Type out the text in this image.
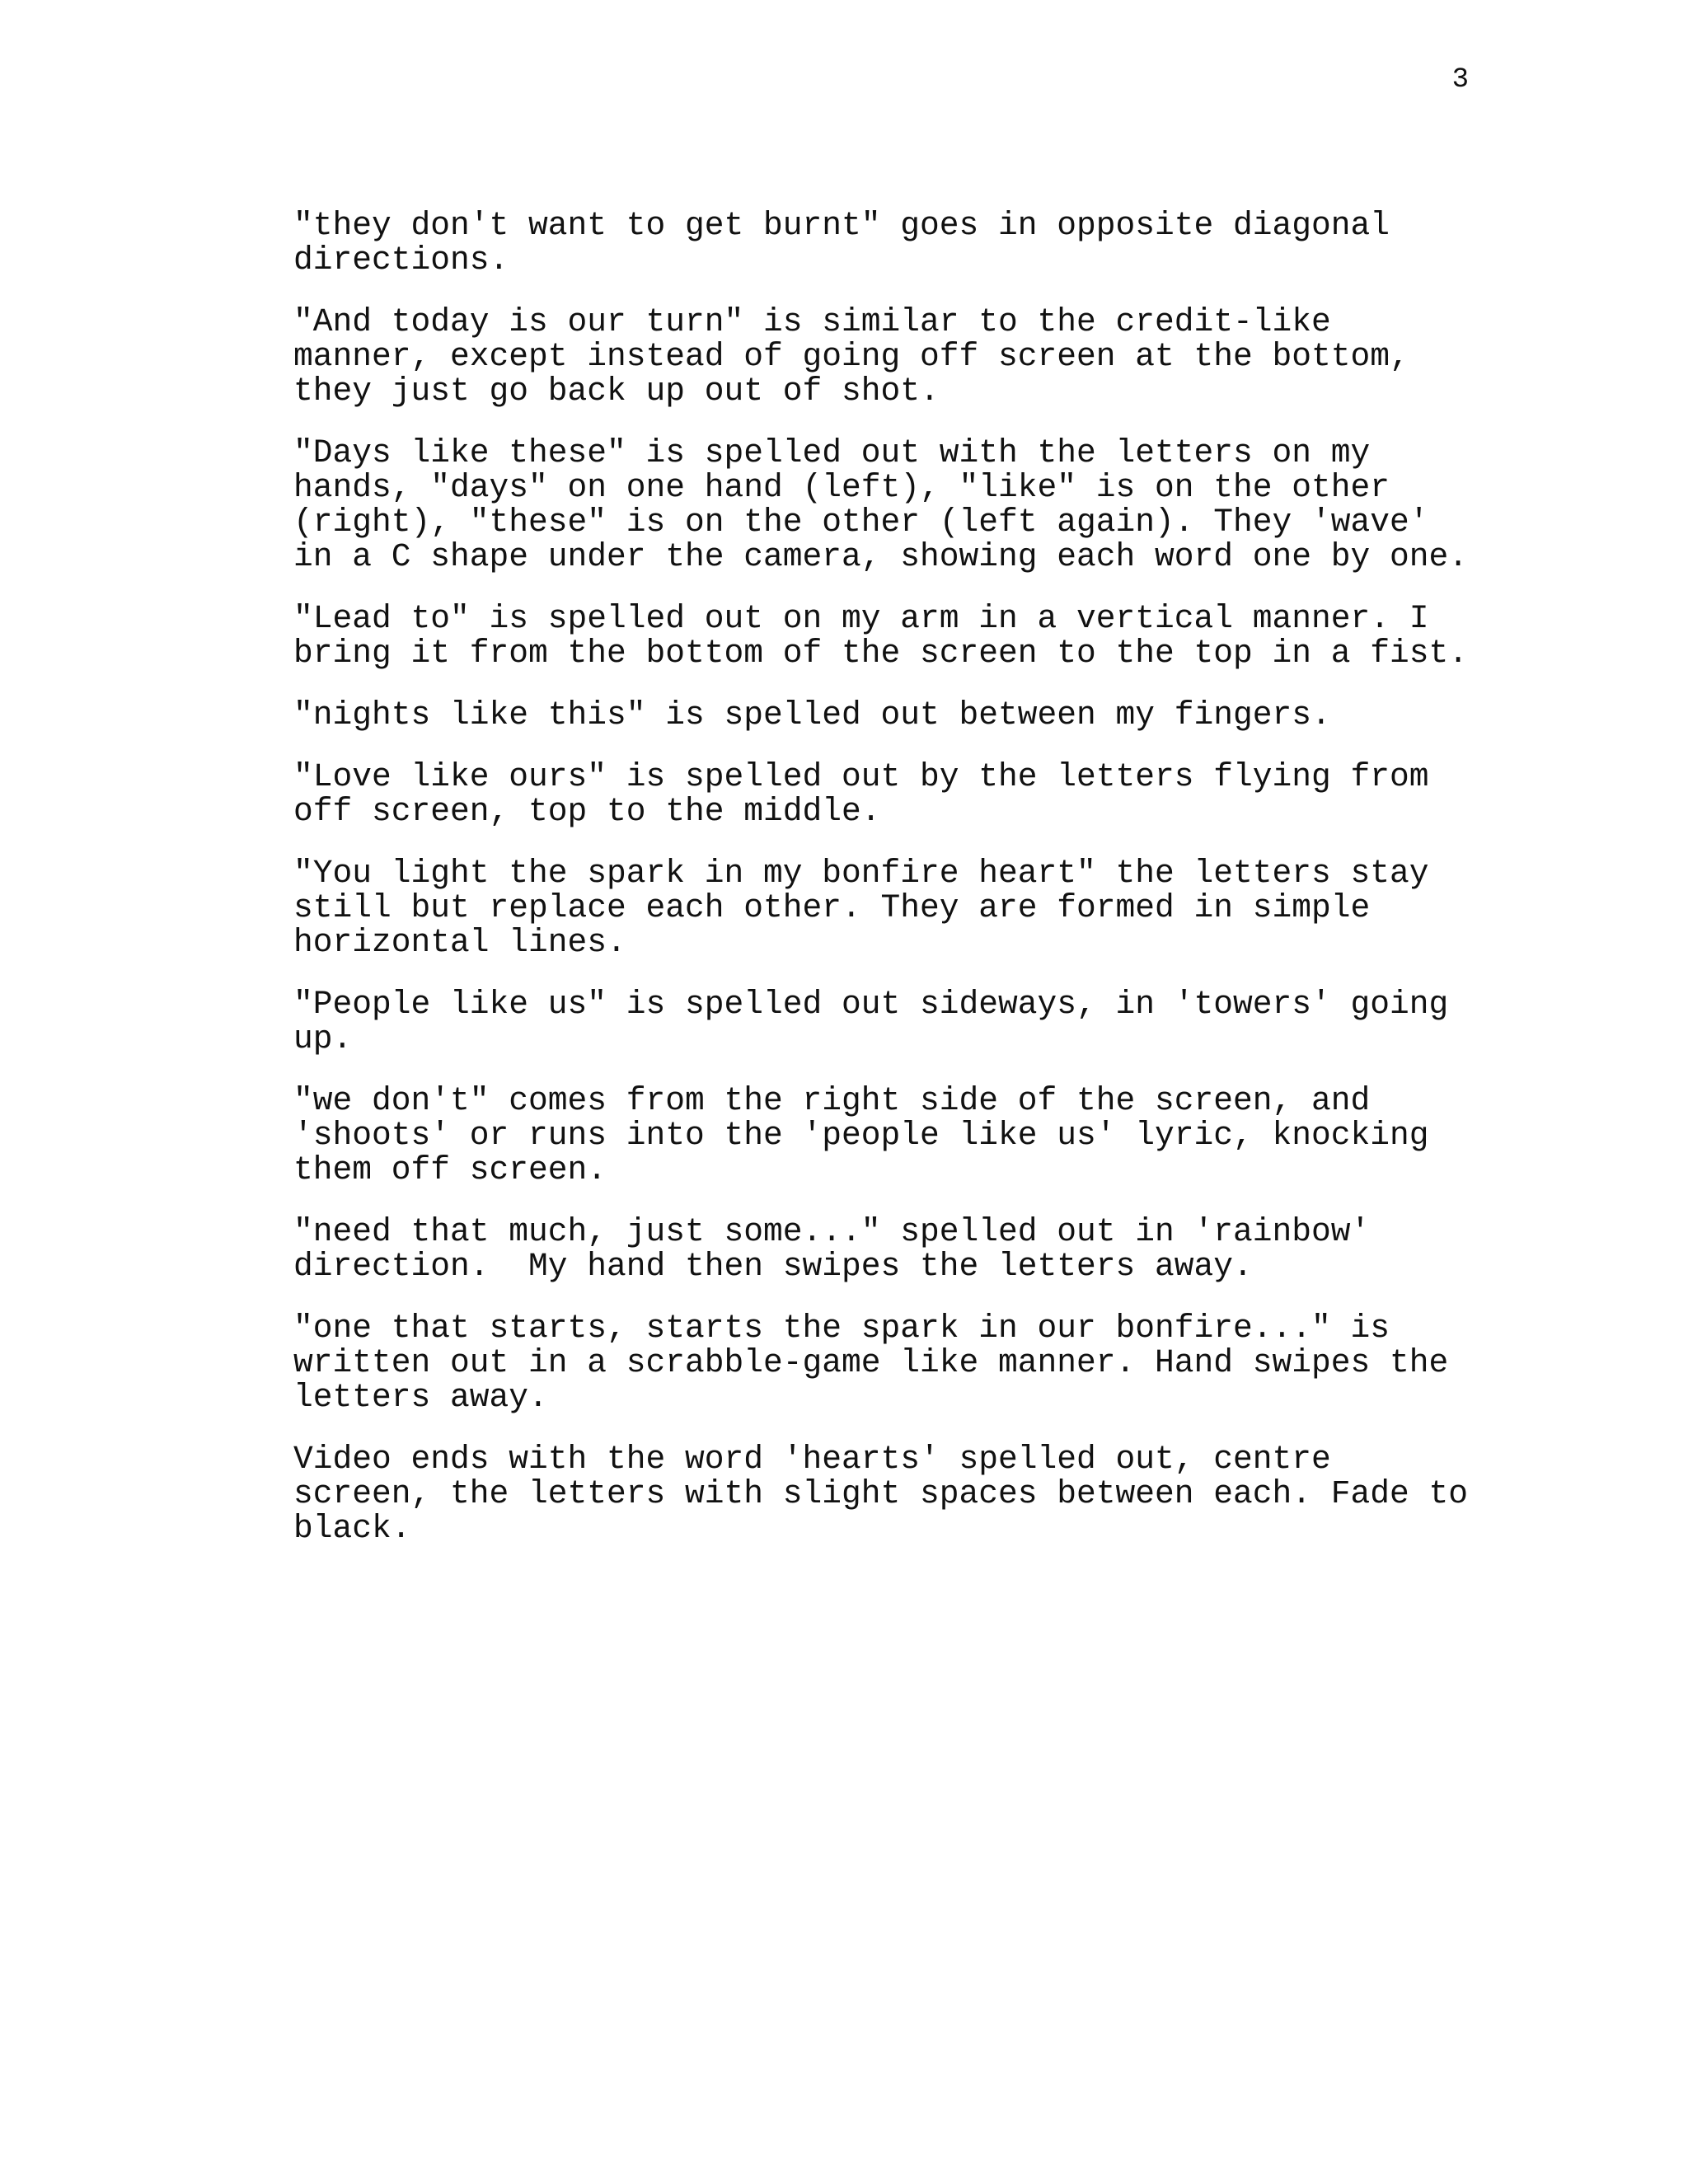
3

"they don't want to get burnt" goes in opposite diagonal
directions.

"And today is our turn" is similar to the credit-like
manner, except instead of going off screen at the bottom,
they just go back up out of shot.

"Days like these" is spelled out with the letters on my
hands, "days" on one hand (left), "like" is on the other
(right), "these" is on the other (left again). They 'wave'
in a C shape under the camera, showing each word one by one.

"Lead to" is spelled out on my arm in a vertical manner. I
bring it from the bottom of the screen to the top in a fist.

"nights like this" is spelled out between my fingers.

"Love like ours" is spelled out by the letters flying from
off screen, top to the middle.

"You light the spark in my bonfire heart" the letters stay
still but replace each other. They are formed in simple
horizontal lines.

"People like us" is spelled out sideways, in 'towers' going
up.

"we don't" comes from the right side of the screen, and
'shoots' or runs into the 'people like us' lyric, knocking
them off screen.

"need that much, just some..." spelled out in 'rainbow'
direction.  My hand then swipes the letters away.

"one that starts, starts the spark in our bonfire..." is
written out in a scrabble-game like manner. Hand swipes the
letters away.

Video ends with the word 'hearts' spelled out, centre
screen, the letters with slight spaces between each. Fade to
black.
